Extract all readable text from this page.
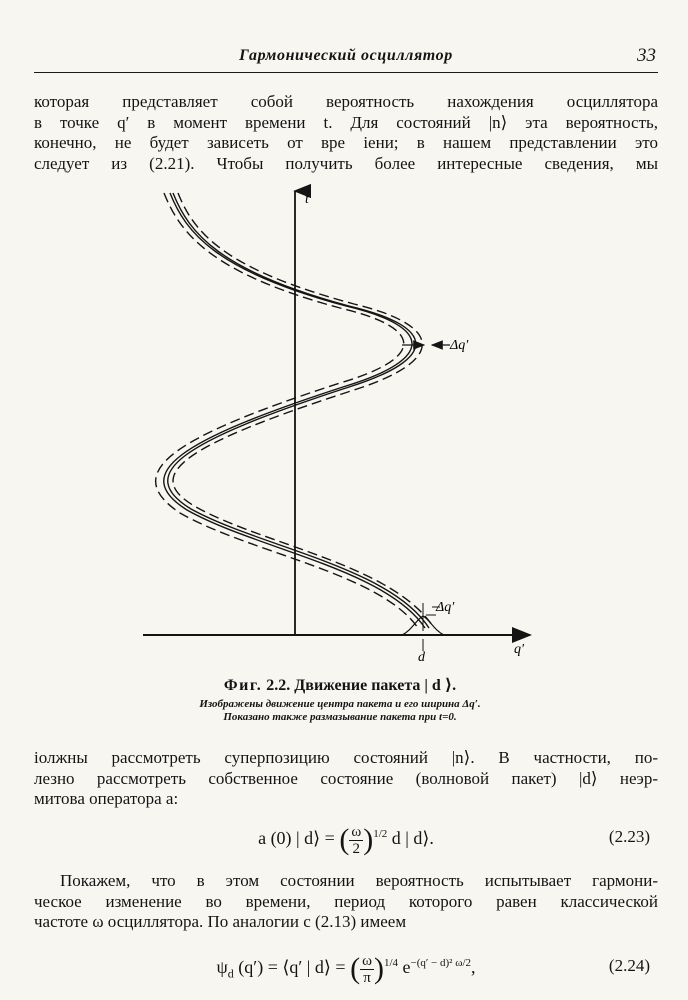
Гармонический осциллятор	33
которая представляет собой вероятность нахождения осциллятора
в точке q′ в момент времени t. Для состояний |n⟩ эта вероятность,
конечно, не будет зависеть от вре іени; в нашем представлении это
следует из (2.21). Чтобы получить более интересные сведения, мы
Δq′
Δq′
d
t
q′
Фиг. 2.2. Движение пакета | d ⟩.
Изображены движение центра пакета и его ширина Δq′.
Показано также размазывание пакета при t=0.
іолжны рассмотреть суперпозицию состояний |n⟩. В частности, по-
лезно рассмотреть собственное состояние (волновой пакет) |d⟩ неэр-
митова оператора a:
a (0) | d⟩ = ( $\frac{\omega}{2} )^{1/2}$ d | d⟩.	(2.23)
Покажем, что в этом состоянии вероятность испытывает гармони-
ческое изменение во времени, период которого равен классической
частоте ω осциллятора. По аналогии с (2.13) имеем
$\psi_d$ (q′) = ⟨q′ | d⟩ = ( $\frac{\omega}{\pi} )^{1/4}$ $e^{-(q' - d)^2 \omega/2}$,	(2.24)
